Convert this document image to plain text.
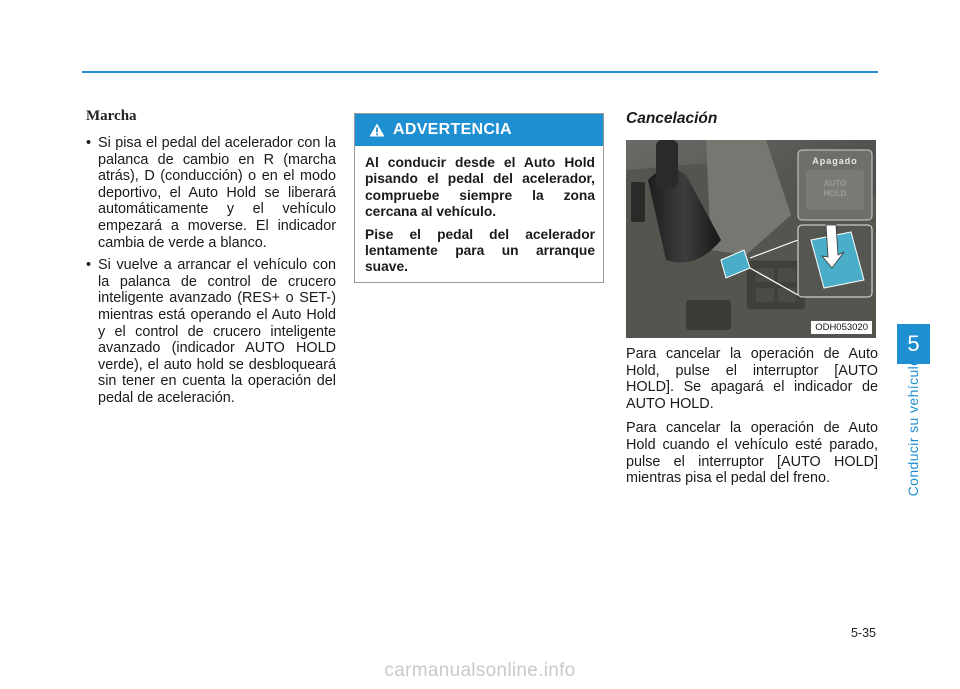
Marcha
• Si pisa el pedal del acelerador con la palanca de cambio en R (marcha atrás), D (conducción) o en el modo deportivo, el Auto Hold se liberará automáticamente y el vehículo empezará a moverse. El indicador cambia de verde a blanco.
• Si vuelve a arrancar el vehículo con la palanca de control de crucero inteligente avanzado (RES+ o SET-) mientras está operando el Auto Hold y el control de crucero inteligente avanzado (indicador AUTO HOLD verde), el auto hold se desbloqueará sin tener en cuenta la operación del pedal de aceleración.
ADVERTENCIA

Al conducir desde el Auto Hold pisando el pedal del acelerador, compruebe siempre la zona cercana al vehículo.

Pise el pedal del acelerador lentamente para un arranque suave.

Cancelación
Apagado
AUTO
HOLD
ODH053020

Para cancelar la operación de Auto Hold, pulse el interruptor [AUTO HOLD]. Se apagará el indicador de AUTO HOLD.

Para cancelar la operación de Auto Hold cuando el vehículo esté parado, pulse el interruptor [AUTO HOLD] mientras pisa el pedal del freno.

5
Conducir su vehículo
5-35
carmanualsonline.info
